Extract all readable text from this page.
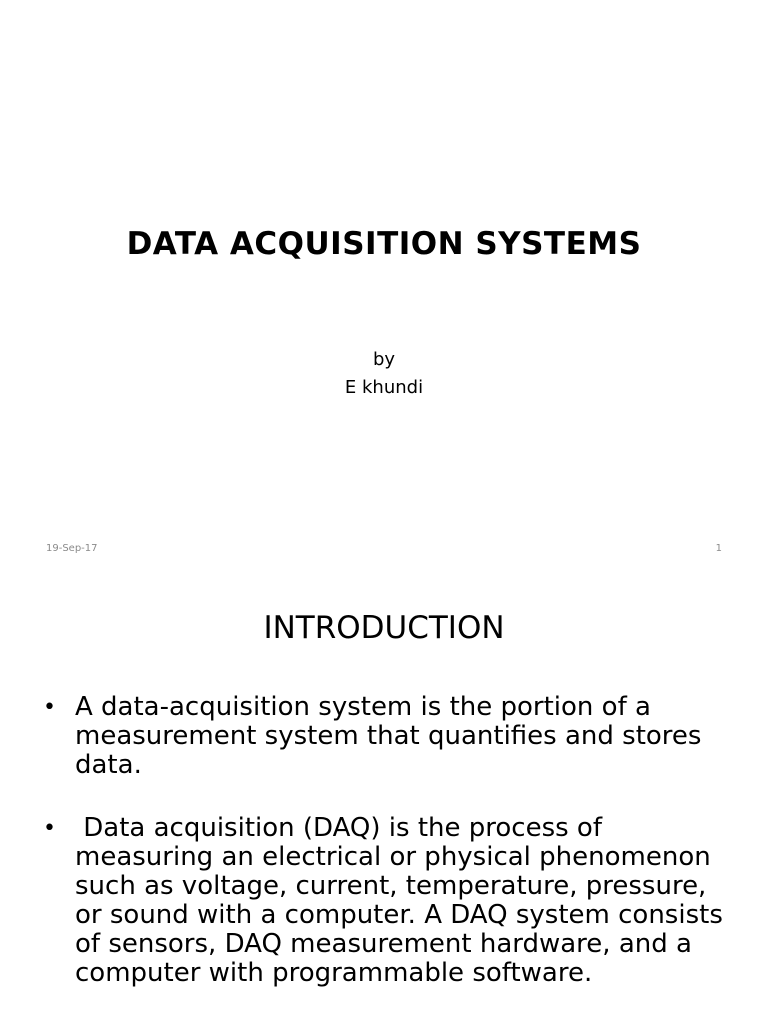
DATA ACQUISITION SYSTEMS
by
E khundi
19-Sep-17	1
INTRODUCTION
• A data-acquisition system is the portion of a measurement system that quantifies and stores data.
• Data acquisition (DAQ) is the process of measuring an electrical or physical phenomenon such as voltage, current, temperature, pressure, or sound with a computer. A DAQ system consists of sensors, DAQ measurement hardware, and a computer with programmable software.
